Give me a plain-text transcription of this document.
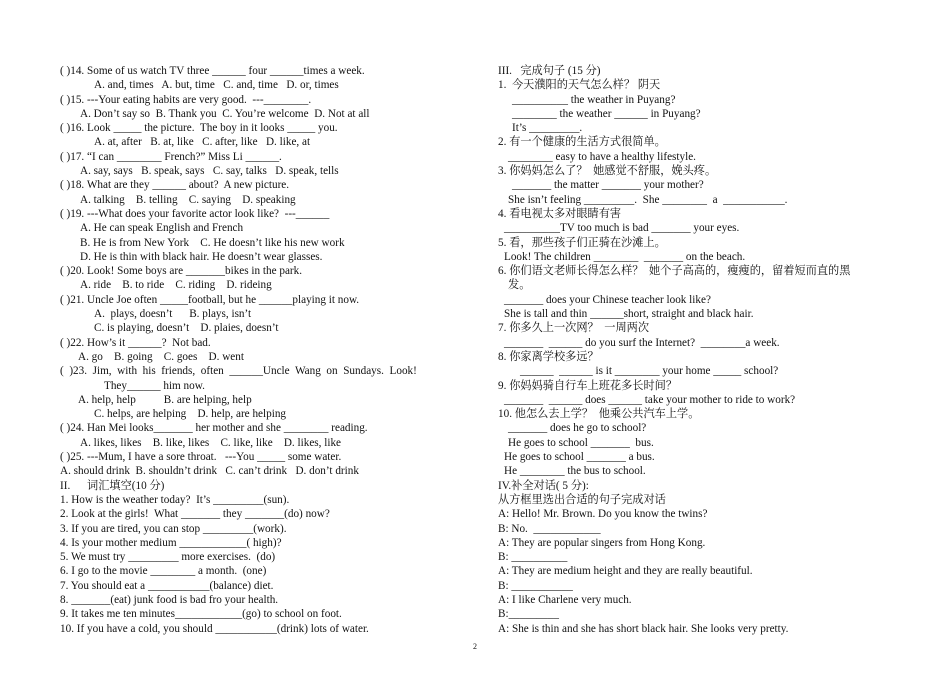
( )14. Some of us watch TV three ______ four ______times a week.
A. and, times   A. but, time   C. and, time   D. or, times
( )15. ---Your eating habits are very good.  ---________.
A. Don’t say so  B. Thank you  C. You’re welcome  D. Not at all
( )16. Look _____ the picture.  The boy in it looks _____ you.
A. at, after   B. at, like   C. after, like   D. like, at
( )17. “I can ________ French?” Miss Li ______.
A. say, says   B. speak, says   C. say, talks   D. speak, tells
( )18. What are they ______ about?  A new picture.
A. talking    B. telling    C. saying    D. speaking
( )19. ---What does your favorite actor look like?  ---______
A. He can speak English and French
B. He is from New York    C. He doesn’t like his new work
D. He is thin with black hair. He doesn’t wear glasses.
( )20. Look! Some boys are _______bikes in the park.
A. ride    B. to ride    C. riding    D. rideing
( )21. Uncle Joe often _____football, but he ______playing it now.
A.  plays, doesn’t      B. plays, isn’t
C. is playing, doesn’t    D. plaies, doesn’t
( )22. How’s it ______?  Not bad.
A. go    B. going    C. goes    D. went
(  )23.  Jim,  with  his  friends,  often  ______Uncle  Wang  on  Sundays.  Look!
They______ him now.
A. help, help          B. are helping, help
C. helps, are helping    D. help, are helping
( )24. Han Mei looks_______ her mother and she ________ reading.
A. likes, likes    B. like, likes    C. like, like    D. likes, like
( )25. ---Mum, I have a sore throat.   ---You _____ some water.
A. should drink  B. shouldn’t drink   C. can’t drink   D. don’t drink
II.      词汇填空(10 分)
1. How is the weather today?  It’s _________(sun).
2. Look at the girls!  What _______ they _______(do) now?
3. If you are tired, you can stop _________(work).
4. Is your mother medium ____________( high)?
5. We must try _________ more exercises.  (do)
6. I go to the movie ________ a month.  (one)
7. You should eat a ___________(balance) diet.
8. _______(eat) junk food is bad fro your health.
9. It takes me ten minutes____________(go) to school on foot.
10. If you have a cold, you should ___________(drink) lots of water.
III.   完成句子 (15 分)
1.  今天濮阳的天气怎么样？ 阴天
__________ the weather in Puyang?
________ the weather ______ in Puyang?
It’s _________.
2. 有一个健康的生活方式很简单。
________ easy to have a healthy lifestyle.
3. 你妈妈怎么了？  她感觉不舒服，娩头疼。
_______ the matter _______ your mother?
She isn’t feeling _________.  She ________  a  ___________.
4. 看电视太多对眼睛有害
__________TV too much is bad _______ your eyes.
5. 看，那些孩子们正骑在沙滩上。
Look! The children ________  _______ on the beach.
6. 你们语文老师长得怎么样？  她个子高高的，瘦瘦的，留着短而直的黑
发。
_______ does your Chinese teacher look like?
She is tall and thin ______short, straight and black hair.
7. 你多久上一次网？  一周两次
_______  ______ do you surf the Internet?  ________a week.
8. 你家离学校多远？
______  ______ is it ________ your home _____ school?
9. 你妈妈骑自行车上班花多长时间？
_______  ______ does ______ take your mother to ride to work?
10. 他怎么去上学？  他乘公共汽车上学。
_______ does he go to school?
He goes to school _______  bus.
He goes to school _______ a bus.
He ________ the bus to school.
IV.补全对话( 5 分):
从方框里选出合适的句子完成对话
A: Hello! Mr. Brown. Do you know the twins?
B: No.  ____________
A: They are popular singers from Hong Kong.
B: __________
A: They are medium height and they are really beautiful.
B: ___________
A: I like Charlene very much.
B:_________
A: She is thin and she has short black hair. She looks very pretty.
2
